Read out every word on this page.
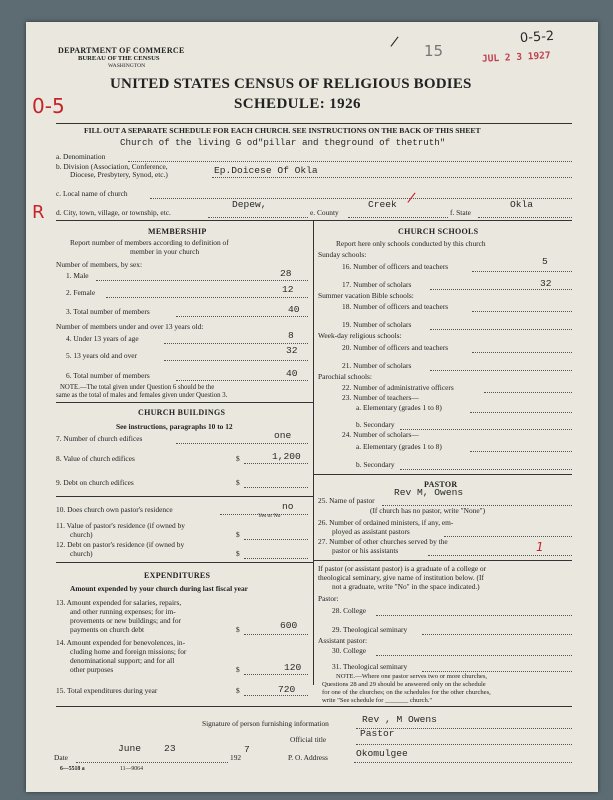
DEPARTMENT OF COMMERCE
BUREAU OF THE CENSUS
WASHINGTON
15	JUL 2 3 1927
0-5-2
/
UNITED STATES CENSUS OF RELIGIOUS BODIES
SCHEDULE: 1926
0-5
R
FILL OUT A SEPARATE SCHEDULE FOR EACH CHURCH. SEE INSTRUCTIONS ON THE BACK OF THIS SHEET
Church of the living G od"pillar and theground of thetruth"
a. Denomination
b. Division (Association, Conference,
Diocese, Presbytery, Synod, etc.)	Ep.Doicese Of Okla
c. Local name of church
d. City, town, village, or township, etc.
Depew,
e. County
Creek /
f. State
Okla
MEMBERSHIP
Report number of members according to definition of
member in your church
Number of members, by sex:
1. Male	28
2. Female	12
3. Total number of members	40
Number of members under and over 13 years old:
4. Under 13 years of age	8
5. 13 years old and over	32
6. Total number of members	40
NOTE.—The total given under Question 6 should be the
same as the total of males and females given under Question 3.
CHURCH BUILDINGS
See instructions, paragraphs 10 to 12
7. Number of church edifices	one
8. Value of church edifices	$	1,200
9. Debt on church edifices	$
10. Does church own pastor's residence	no
Yes or No
11. Value of pastor's residence (if owned by
church)	$
12. Debt on pastor's residence (if owned by
church)	$
EXPENDITURES
Amount expended by your church during last fiscal year
13. Amount expended for salaries, repairs,
and other running expenses; for im-
provements or new buildings; and for
payments on church debt	$	600
14. Amount expended for benevolences, in-
cluding home and foreign missions; for
denominational support; and for all
other purposes	$	120
15. Total expenditures during year	$	720
CHURCH SCHOOLS
Report here only schools conducted by this church
Sunday schools:
16. Number of officers and teachers	5
17. Number of scholars	32
Summer vacation Bible schools:
18. Number of officers and teachers
19. Number of scholars
Week-day religious schools:
20. Number of officers and teachers
21. Number of scholars
Parochial schools:
22. Number of administrative officers
23. Number of teachers—
a. Elementary (grades 1 to 8)
b. Secondary
24. Number of scholars—
a. Elementary (grades 1 to 8)
b. Secondary
PASTOR
25. Name of pastor
Rev M, Owens
(If church has no pastor, write "None")
26. Number of ordained ministers, if any, em-
ployed as assistant pastors
27. Number of other churches served by the
pastor or his assistants	1
If pastor (or assistant pastor) is a graduate of a college or
theological seminary, give name of institution below. (If
not a graduate, write "No" in the space indicated.)
Pastor:
28. College
29. Theological seminary
Assistant pastor:
30. College
31. Theological seminary
NOTE.—Where one pastor serves two or more churches,
Questions 28 and 29 should be answered only on the schedule
for one of the churches; on the schedules for the other churches,
write "See schedule for _______ church."
Signature of person furnishing information	Rev , M Owens
Official title
Pastor
Date
June    23
192
7
P. O. Address	Okomulgee
6—5518 a	11—9064
